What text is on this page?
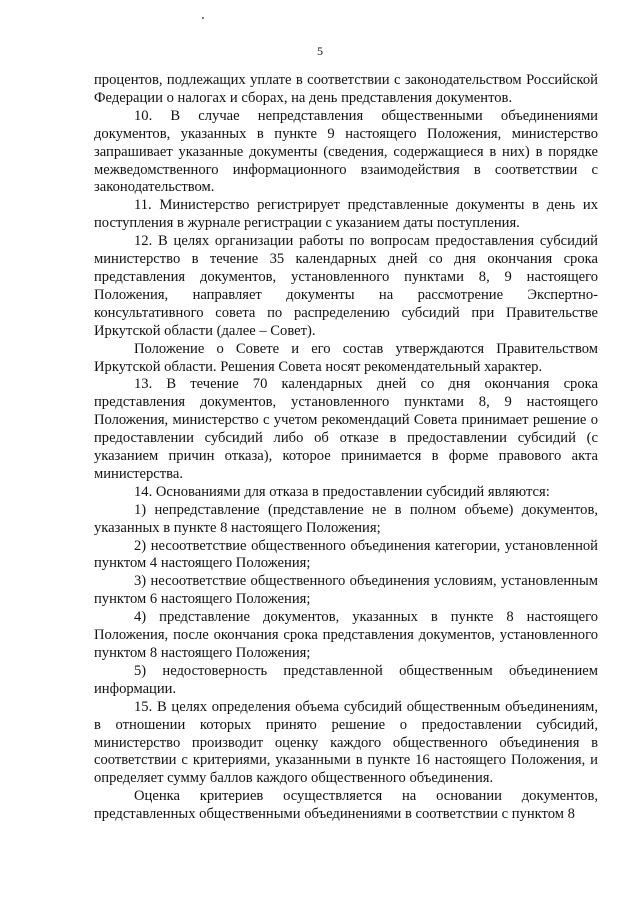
5

процентов, подлежащих уплате в соответствии с законодательством Российской Федерации о налогах и сборах, на день представления документов.

10. В случае непредставления общественными объединениями документов, указанных в пункте 9 настоящего Положения, министерство запрашивает указанные документы (сведения, содержащиеся в них) в порядке межведомственного информационного взаимодействия в соответствии с законодательством.

11. Министерство регистрирует представленные документы в день их поступления в журнале регистрации с указанием даты поступления.

12. В целях организации работы по вопросам предоставления субсидий министерство в течение 35 календарных дней со дня окончания срока представления документов, установленного пунктами 8, 9 настоящего Положения, направляет документы на рассмотрение Экспертно-консультативного совета по распределению субсидий при Правительстве Иркутской области (далее – Совет).

Положение о Совете и его состав утверждаются Правительством Иркутской области. Решения Совета носят рекомендательный характер.

13. В течение 70 календарных дней со дня окончания срока представления документов, установленного пунктами 8, 9 настоящего Положения, министерство с учетом рекомендаций Совета принимает решение о предоставлении субсидий либо об отказе в предоставлении субсидий (с указанием причин отказа), которое принимается в форме правового акта министерства.

14. Основаниями для отказа в предоставлении субсидий являются:

1) непредставление (представление не в полном объеме) документов, указанных в пункте 8 настоящего Положения;

2) несоответствие общественного объединения категории, установленной пунктом 4 настоящего Положения;

3) несоответствие общественного объединения условиям, установленным пунктом 6 настоящего Положения;

4) представление документов, указанных в пункте 8 настоящего Положения, после окончания срока представления документов, установленного пунктом 8 настоящего Положения;

5) недостоверность представленной общественным объединением информации.

15. В целях определения объема субсидий общественным объединениям, в отношении которых принято решение о предоставлении субсидий, министерство производит оценку каждого общественного объединения в соответствии с критериями, указанными в пункте 16 настоящего Положения, и определяет сумму баллов каждого общественного объединения.

Оценка критериев осуществляется на основании документов, представленных общественными объединениями в соответствии с пунктом 8
